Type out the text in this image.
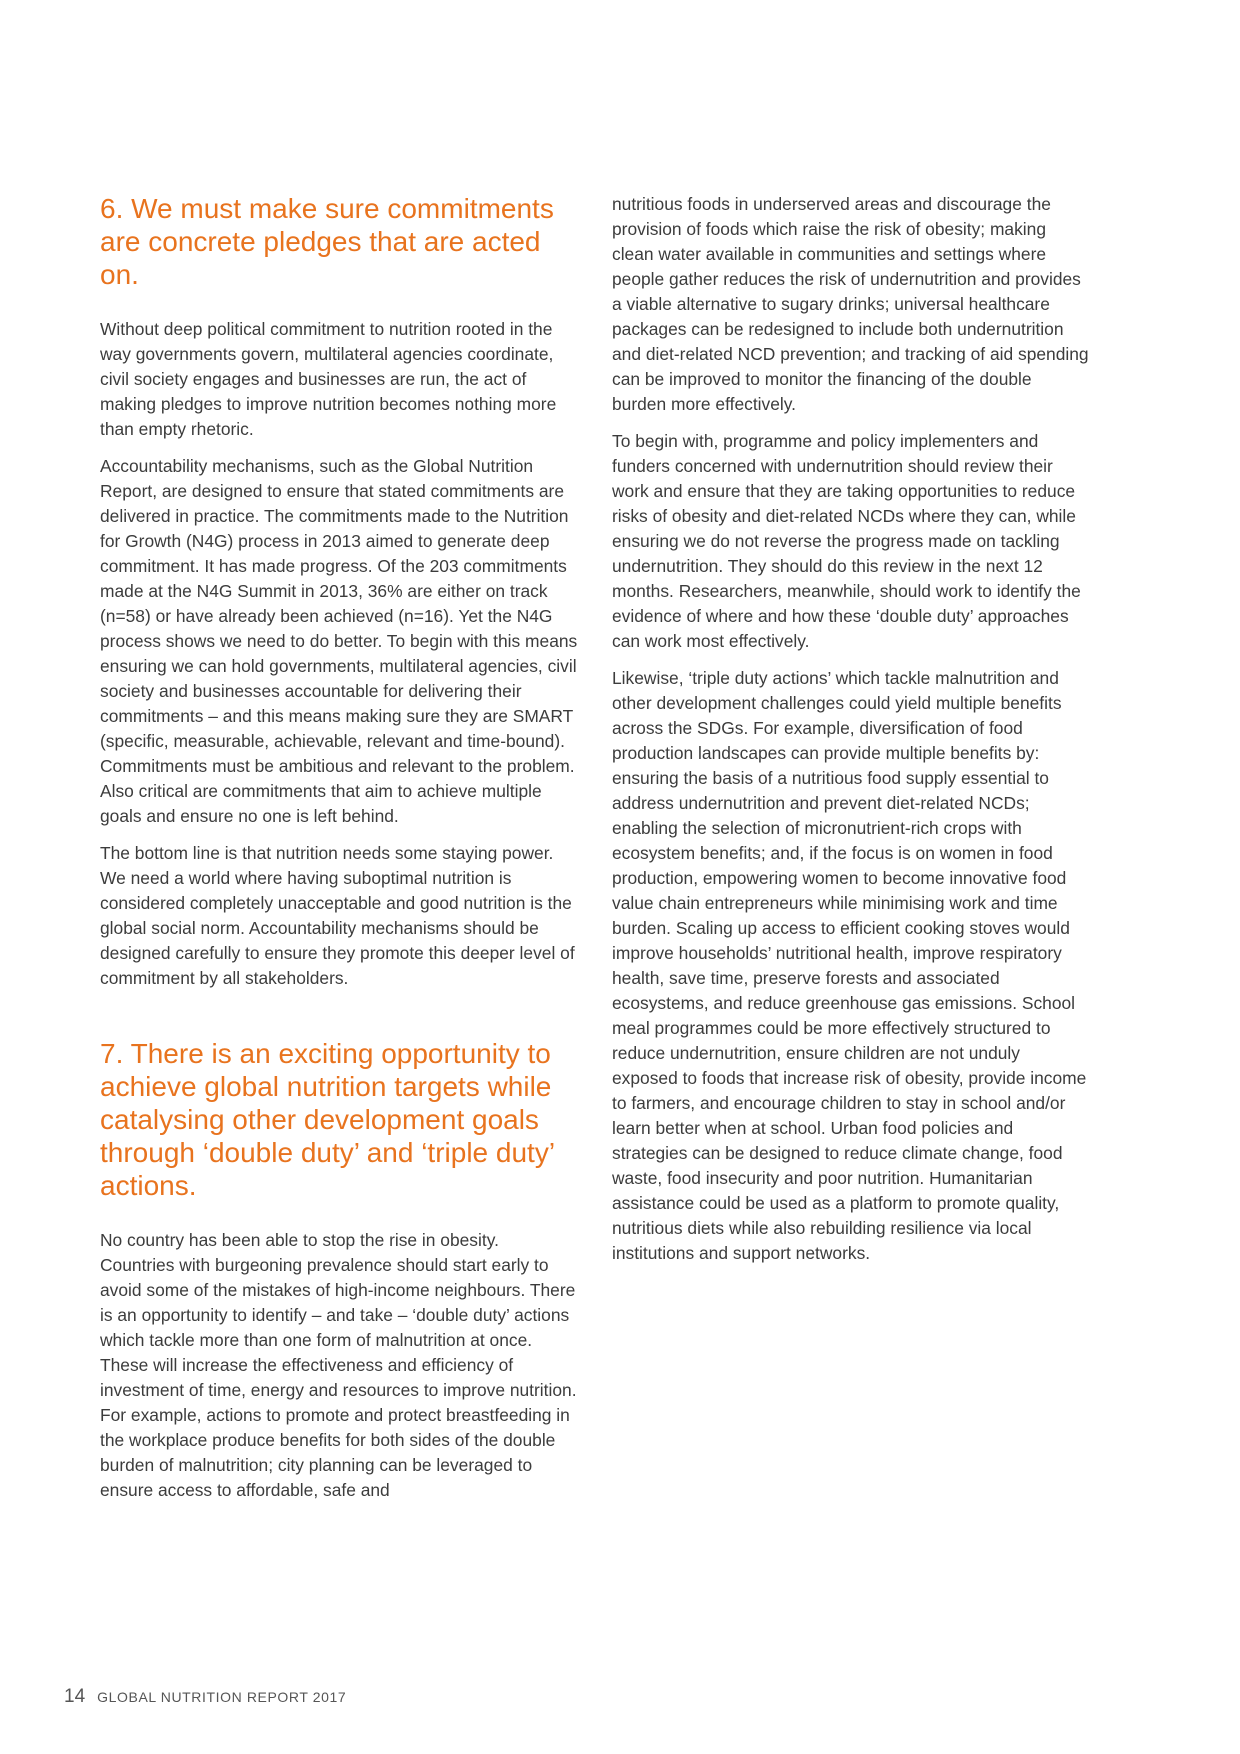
6. We must make sure commitments are concrete pledges that are acted on.

Without deep political commitment to nutrition rooted in the way governments govern, multilateral agencies coordinate, civil society engages and businesses are run, the act of making pledges to improve nutrition becomes nothing more than empty rhetoric.

Accountability mechanisms, such as the Global Nutrition Report, are designed to ensure that stated commitments are delivered in practice. The commitments made to the Nutrition for Growth (N4G) process in 2013 aimed to generate deep commitment. It has made progress. Of the 203 commitments made at the N4G Summit in 2013, 36% are either on track (n=58) or have already been achieved (n=16). Yet the N4G process shows we need to do better. To begin with this means ensuring we can hold governments, multilateral agencies, civil society and businesses accountable for delivering their commitments – and this means making sure they are SMART (specific, measurable, achievable, relevant and time-bound). Commitments must be ambitious and relevant to the problem. Also critical are commitments that aim to achieve multiple goals and ensure no one is left behind.

The bottom line is that nutrition needs some staying power. We need a world where having suboptimal nutrition is considered completely unacceptable and good nutrition is the global social norm. Accountability mechanisms should be designed carefully to ensure they promote this deeper level of commitment by all stakeholders.

7. There is an exciting opportunity to achieve global nutrition targets while catalysing other development goals through ‘double duty’ and ‘triple duty’ actions.

No country has been able to stop the rise in obesity. Countries with burgeoning prevalence should start early to avoid some of the mistakes of high-income neighbours. There is an opportunity to identify – and take – ‘double duty’ actions which tackle more than one form of malnutrition at once. These will increase the effectiveness and efficiency of investment of time, energy and resources to improve nutrition. For example, actions to promote and protect breastfeeding in the workplace produce benefits for both sides of the double burden of malnutrition; city planning can be leveraged to ensure access to affordable, safe and

nutritious foods in underserved areas and discourage the provision of foods which raise the risk of obesity; making clean water available in communities and settings where people gather reduces the risk of undernutrition and provides a viable alternative to sugary drinks; universal healthcare packages can be redesigned to include both undernutrition and diet-related NCD prevention; and tracking of aid spending can be improved to monitor the financing of the double burden more effectively.

To begin with, programme and policy implementers and funders concerned with undernutrition should review their work and ensure that they are taking opportunities to reduce risks of obesity and diet-related NCDs where they can, while ensuring we do not reverse the progress made on tackling undernutrition. They should do this review in the next 12 months. Researchers, meanwhile, should work to identify the evidence of where and how these ‘double duty’ approaches can work most effectively.

Likewise, ‘triple duty actions’ which tackle malnutrition and other development challenges could yield multiple benefits across the SDGs. For example, diversification of food production landscapes can provide multiple benefits by: ensuring the basis of a nutritious food supply essential to address undernutrition and prevent diet-related NCDs; enabling the selection of micronutrient-rich crops with ecosystem benefits; and, if the focus is on women in food production, empowering women to become innovative food value chain entrepreneurs while minimising work and time burden. Scaling up access to efficient cooking stoves would improve households’ nutritional health, improve respiratory health, save time, preserve forests and associated ecosystems, and reduce greenhouse gas emissions. School meal programmes could be more effectively structured to reduce undernutrition, ensure children are not unduly exposed to foods that increase risk of obesity, provide income to farmers, and encourage children to stay in school and/or learn better when at school. Urban food policies and strategies can be designed to reduce climate change, food waste, food insecurity and poor nutrition. Humanitarian assistance could be used as a platform to promote quality, nutritious diets while also rebuilding resilience via local institutions and support networks.

14 GLOBAL NUTRITION REPORT 2017
